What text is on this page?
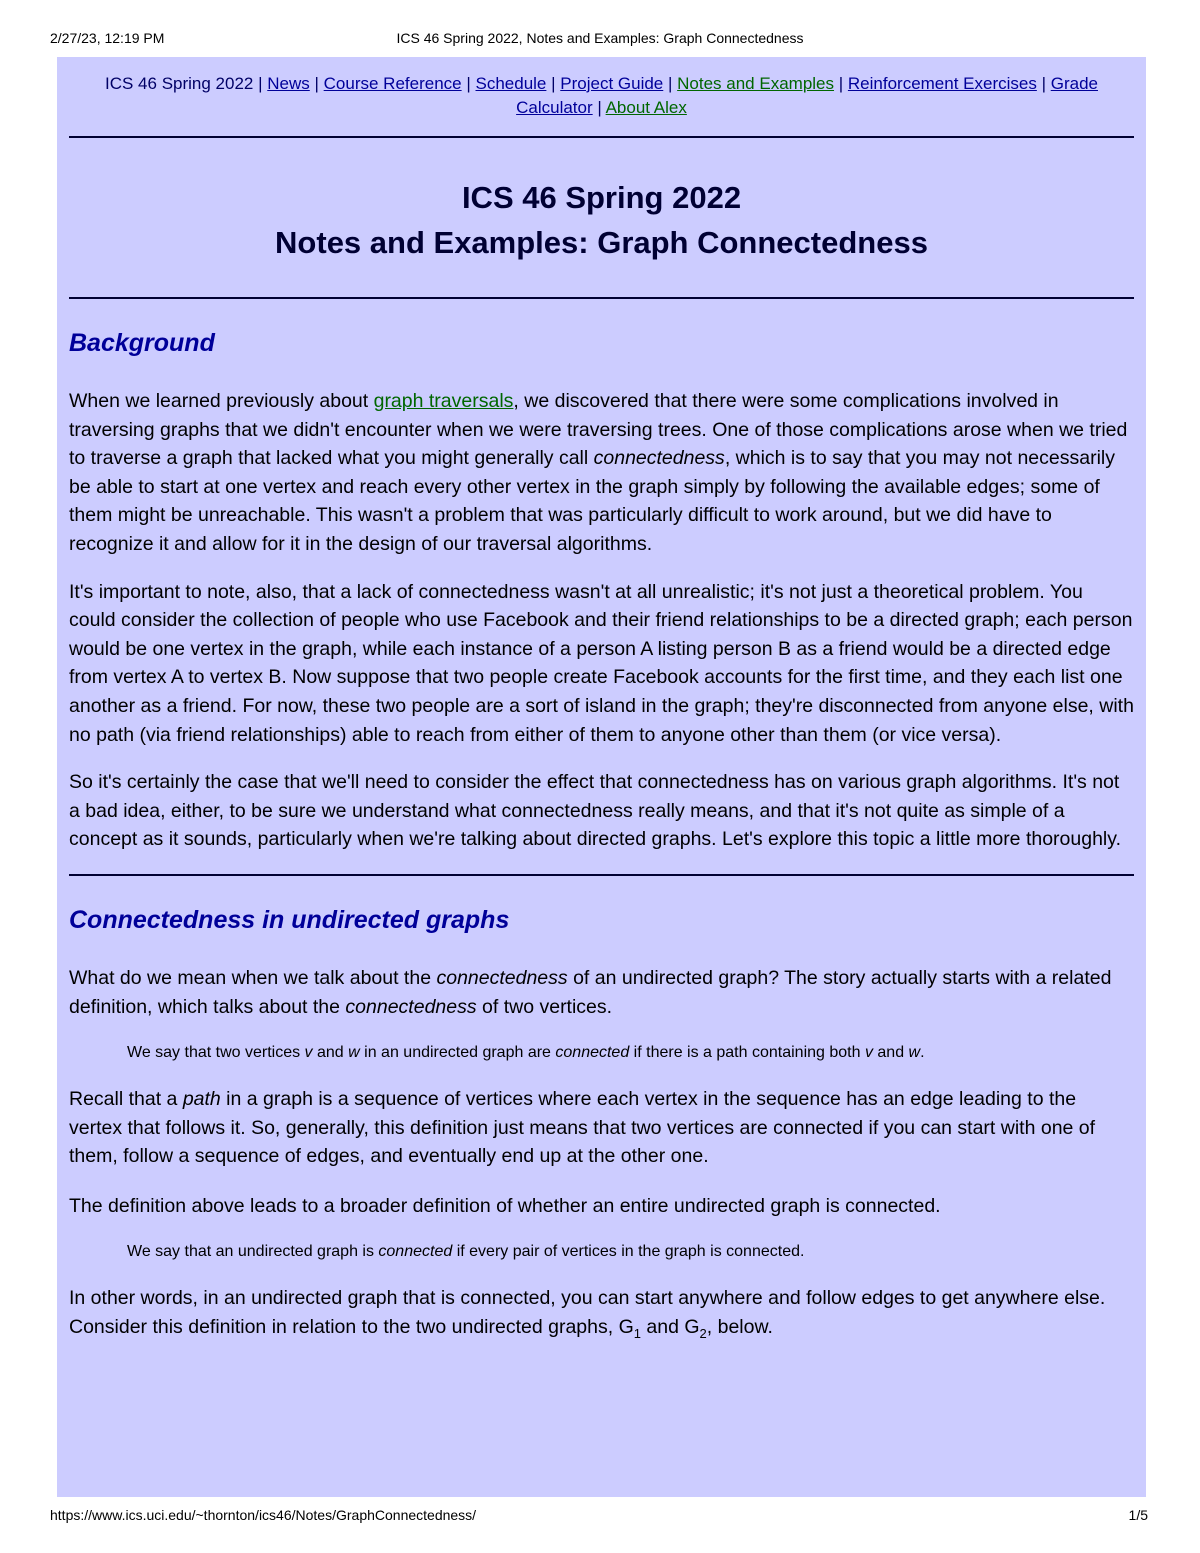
2/27/23, 12:19 PM	ICS 46 Spring 2022, Notes and Examples: Graph Connectedness
ICS 46 Spring 2022 | News | Course Reference | Schedule | Project Guide | Notes and Examples | Reinforcement Exercises | Grade Calculator | About Alex
ICS 46 Spring 2022
Notes and Examples: Graph Connectedness
Background

When we learned previously about graph traversals, we discovered that there were some complications involved in traversing graphs that we didn't encounter when we were traversing trees. One of those complications arose when we tried to traverse a graph that lacked what you might generally call connectedness, which is to say that you may not necessarily be able to start at one vertex and reach every other vertex in the graph simply by following the available edges; some of them might be unreachable. This wasn't a problem that was particularly difficult to work around, but we did have to recognize it and allow for it in the design of our traversal algorithms.

It's important to note, also, that a lack of connectedness wasn't at all unrealistic; it's not just a theoretical problem. You could consider the collection of people who use Facebook and their friend relationships to be a directed graph; each person would be one vertex in the graph, while each instance of a person A listing person B as a friend would be a directed edge from vertex A to vertex B. Now suppose that two people create Facebook accounts for the first time, and they each list one another as a friend. For now, these two people are a sort of island in the graph; they're disconnected from anyone else, with no path (via friend relationships) able to reach from either of them to anyone other than them (or vice versa).

So it's certainly the case that we'll need to consider the effect that connectedness has on various graph algorithms. It's not a bad idea, either, to be sure we understand what connectedness really means, and that it's not quite as simple of a concept as it sounds, particularly when we're talking about directed graphs. Let's explore this topic a little more thoroughly.

Connectedness in undirected graphs

What do we mean when we talk about the connectedness of an undirected graph? The story actually starts with a related definition, which talks about the connectedness of two vertices.

We say that two vertices v and w in an undirected graph are connected if there is a path containing both v and w.

Recall that a path in a graph is a sequence of vertices where each vertex in the sequence has an edge leading to the vertex that follows it. So, generally, this definition just means that two vertices are connected if you can start with one of them, follow a sequence of edges, and eventually end up at the other one.

The definition above leads to a broader definition of whether an entire undirected graph is connected.

We say that an undirected graph is connected if every pair of vertices in the graph is connected.

In other words, in an undirected graph that is connected, you can start anywhere and follow edges to get anywhere else. Consider this definition in relation to the two undirected graphs, $G_1$ and $G_2$, below.

https://www.ics.uci.edu/~thornton/ics46/Notes/GraphConnectedness/	1/5
